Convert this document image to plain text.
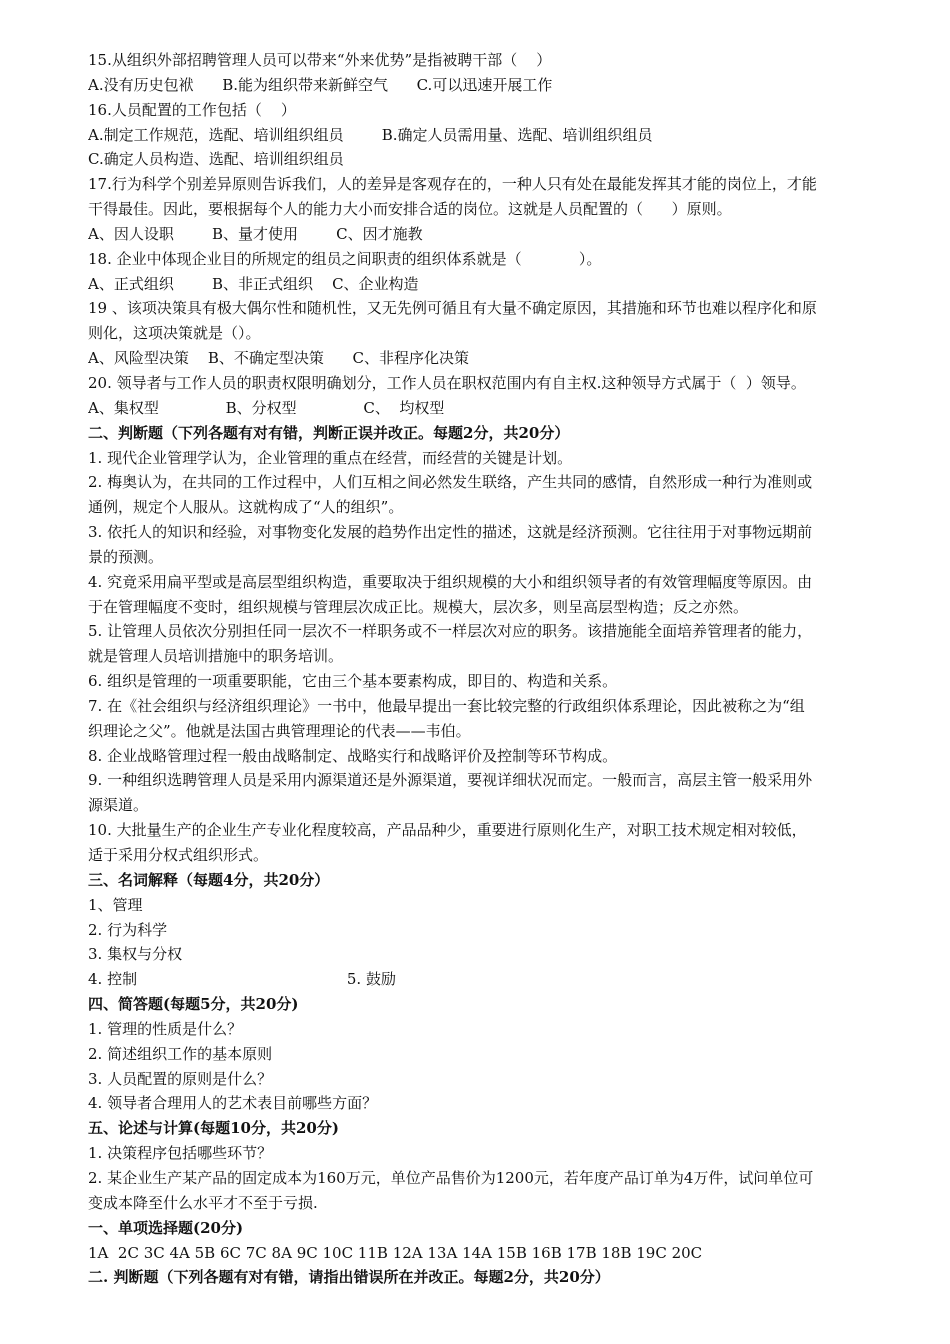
15.从组织外部招聘管理人员可以带来“外来优势”是指被聘干部（    ）
A.没有历史包袱      B.能为组织带来新鲜空气      C.可以迅速开展工作
16.人员配置的工作包括（    ）
A.制定工作规范，选配、培训组织组员        B.确定人员需用量、选配、培训组织组员
C.确定人员构造、选配、培训组织组员
17.行为科学个别差异原则告诉我们，人的差异是客观存在的，一种人只有处在最能发挥其才能的岗位上，才能
干得最佳。因此，要根据每个人的能力大小而安排合适的岗位。这就是人员配置的（      ）原则。
A、因人设职        B、量才使用        C、因才施教
18. 企业中体现企业目的所规定的组员之间职责的组织体系就是（            ）。
A、正式组织        B、非正式组织    C、企业构造
19 、该项决策具有极大偶尔性和随机性，又无先例可循且有大量不确定原因，其措施和环节也难以程序化和原
则化，这项决策就是（）。
A、风险型决策    B、不确定型决策      C、非程序化决策
20. 领导者与工作人员的职责权限明确划分，工作人员在职权范围内有自主权.这种领导方式属于（  ）领导。
A、集权型              B、分权型              C、  均权型
二、判断题（下列各题有对有错，判断正误并改正。每题2分，共20分）
1. 现代企业管理学认为，企业管理的重点在经营，而经营的关键是计划。
2. 梅奥认为，在共同的工作过程中，人们互相之间必然发生联络，产生共同的感情，自然形成一种行为准则或
通例，规定个人服从。这就构成了“人的组织”。
3. 依托人的知识和经验，对事物变化发展的趋势作出定性的描述，这就是经济预测。它往往用于对事物远期前
景的预测。
4. 究竟采用扁平型或是高层型组织构造，重要取决于组织规模的大小和组织领导者的有效管理幅度等原因。由
于在管理幅度不变时，组织规模与管理层次成正比。规模大，层次多，则呈高层型构造；反之亦然。
5. 让管理人员依次分别担任同一层次不一样职务或不一样层次对应的职务。该措施能全面培养管理者的能力，
就是管理人员培训措施中的职务培训。
6. 组织是管理的一项重要职能，它由三个基本要素构成，即目的、构造和关系。
7. 在《社会组织与经济组织理论》一书中，他最早提出一套比较完整的行政组织体系理论，因此被称之为“组
织理论之父”。他就是法国古典管理理论的代表——韦伯。
8. 企业战略管理过程一般由战略制定、战略实行和战略评价及控制等环节构成。
9. 一种组织选聘管理人员是采用内源渠道还是外源渠道，要视详细状况而定。一般而言，高层主管一般采用外
源渠道。
10. 大批量生产的企业生产专业化程度较高，产品品种少，重要进行原则化生产，对职工技术规定相对较低，
适于采用分权式组织形式。
三、名词解释（每题4分，共20分）
1、管理
2. 行为科学
3. 集权与分权
4. 控制                                            5. 鼓励
四、简答题(每题5分，共20分)
1. 管理的性质是什么？
2. 简述组织工作的基本原则
3. 人员配置的原则是什么？
4. 领导者合理用人的艺术表目前哪些方面？
五、论述与计算(每题10分，共20分)
1. 决策程序包括哪些环节？
2. 某企业生产某产品的固定成本为160万元，单位产品售价为1200元，若年度产品订单为4万件，试问单位可
变成本降至什么水平才不至于亏损.
一、单项选择题(20分)
1A  2C 3C 4A 5B 6C 7C 8A 9C 10C 11B 12A 13A 14A 15B 16B 17B 18B 19C 20C
二. 判断题（下列各题有对有错，请指出错误所在并改正。每题2分，共20分）
